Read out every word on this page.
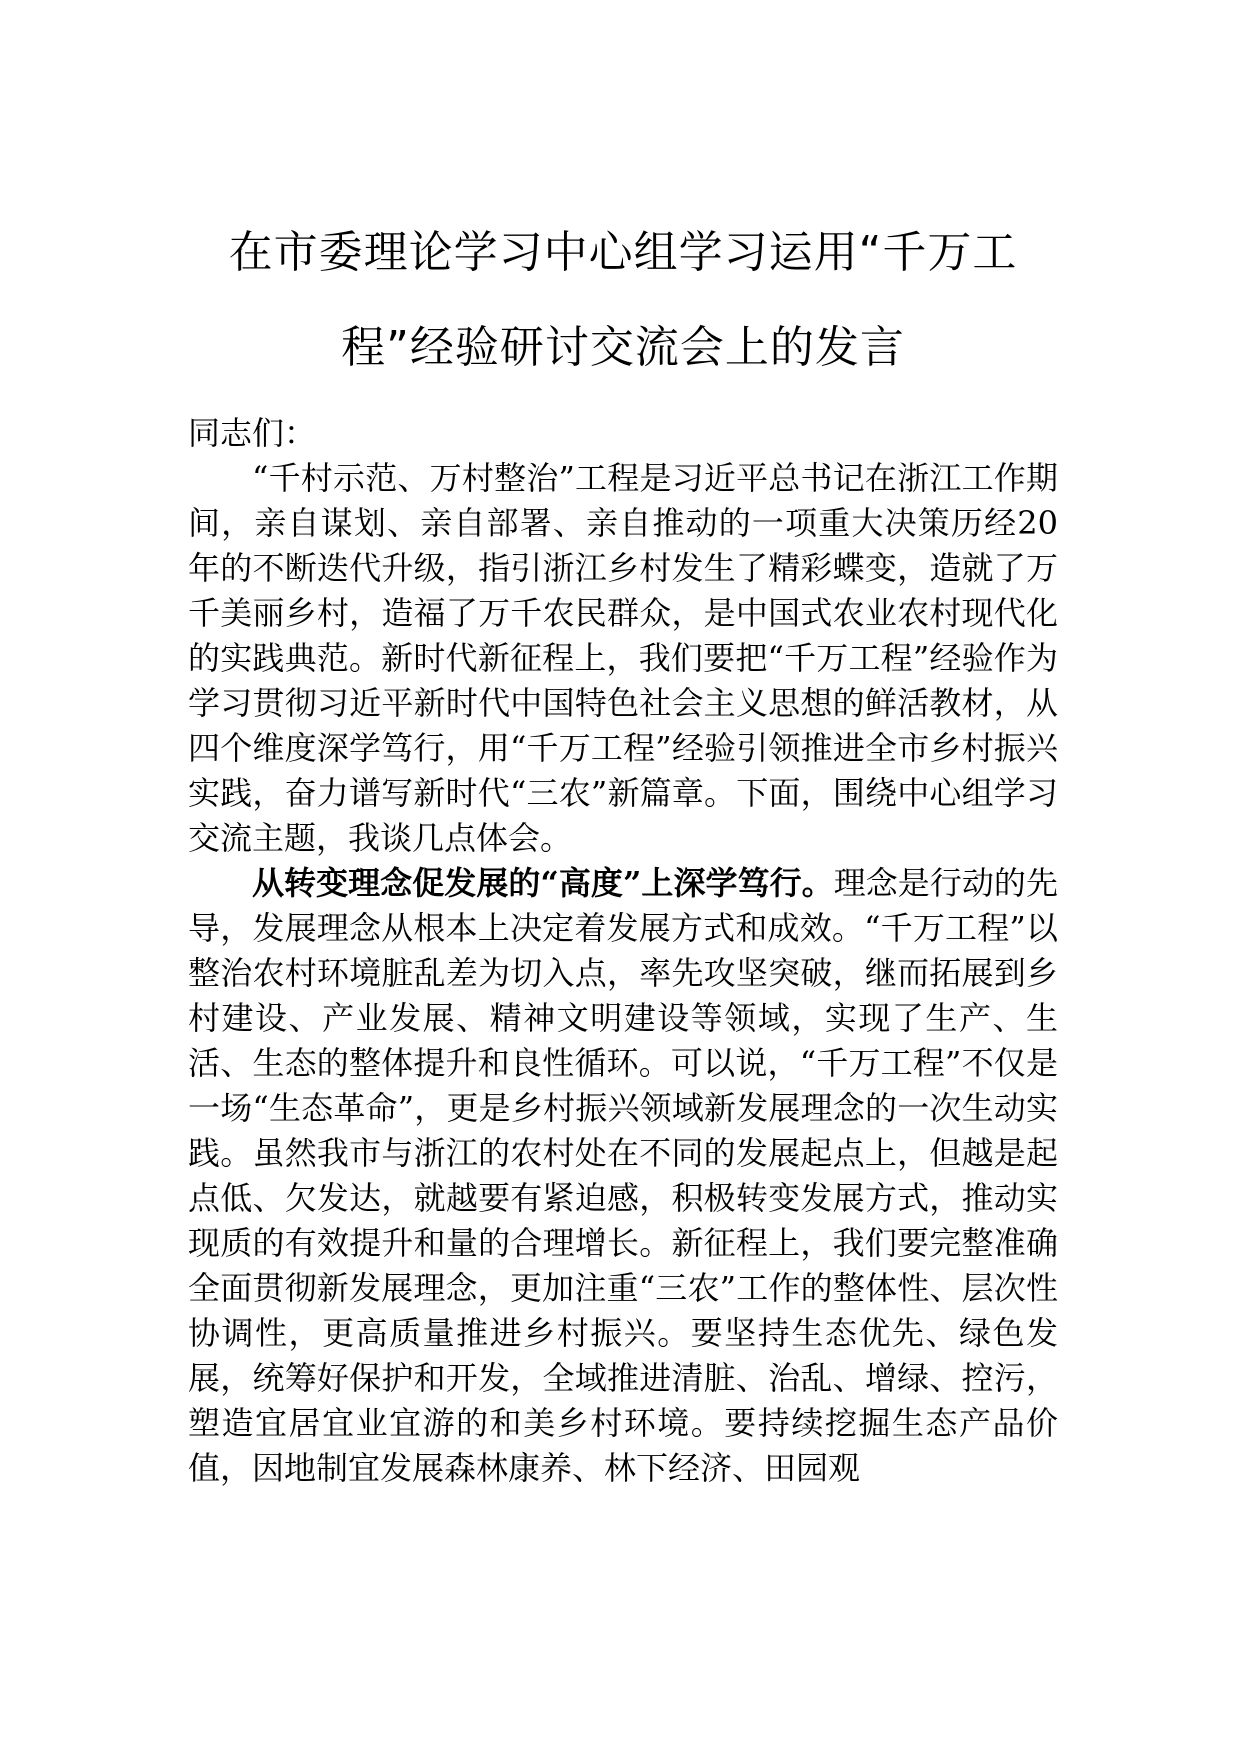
在市委理论学习中心组学习运用“千万工
程”经验研讨交流会上的发言

同志们：

“千村示范、万村整治”工程是习近平总书记在浙江工作期间，亲自谋划、亲自部署、亲自推动的一项重大决策历经20年的不断迭代升级，指引浙江乡村发生了精彩蝶变，造就了万千美丽乡村，造福了万千农民群众，是中国式农业农村现代化的实践典范。新时代新征程上，我们要把“千万工程”经验作为学习贯彻习近平新时代中国特色社会主义思想的鲜活教材，从四个维度深学笃行，用“千万工程”经验引领推进全市乡村振兴实践，奋力谱写新时代“三农”新篇章。下面，围绕中心组学习交流主题，我谈几点体会。

从转变理念促发展的“高度”上深学笃行。理念是行动的先导，发展理念从根本上决定着发展方式和成效。“千万工程”以整治农村环境脏乱差为切入点，率先攻坚突破，继而拓展到乡村建设、产业发展、精神文明建设等领域，实现了生产、生活、生态的整体提升和良性循环。可以说，“千万工程”不仅是一场“生态革命”，更是乡村振兴领域新发展理念的一次生动实践。虽然我市与浙江的农村处在不同的发展起点上，但越是起点低、欠发达，就越要有紧迫感，积极转变发展方式，推动实现质的有效提升和量的合理增长。新征程上，我们要完整准确全面贯彻新发展理念，更加注重“三农”工作的整体性、层次性协调性，更高质量推进乡村振兴。要坚持生态优先、绿色发展，统筹好保护和开发，全域推进清脏、治乱、增绿、控污，塑造宜居宜业宜游的和美乡村环境。要持续挖掘生态产品价值，因地制宜发展森林康养、林下经济、田园观
